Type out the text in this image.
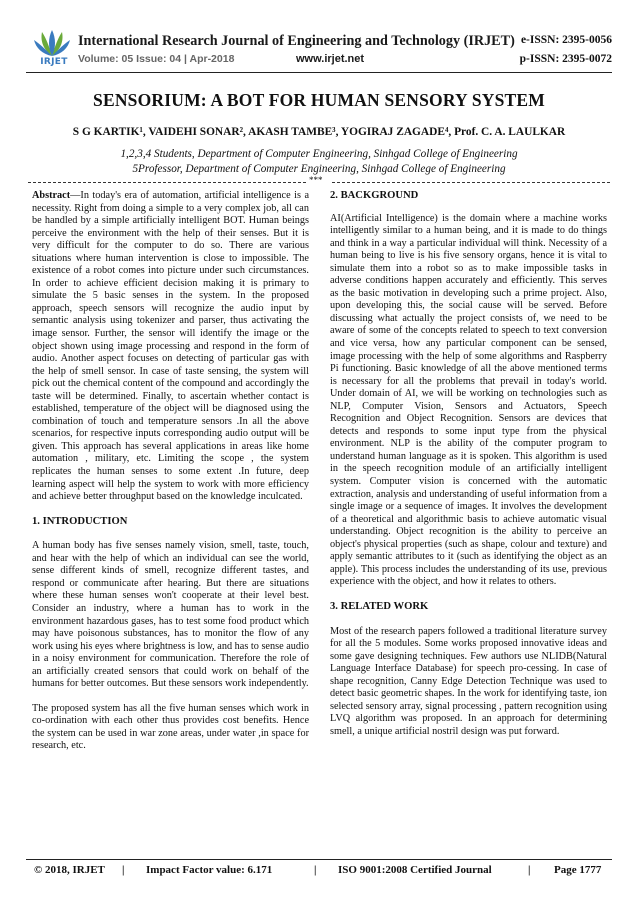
IRJET
International Research Journal of Engineering and Technology (IRJET) e-ISSN: 2395-0056
Volume: 05 Issue: 04 | Apr-2018	www.irjet.net	p-ISSN: 2395-0072
SENSORIUM: A BOT FOR HUMAN SENSORY SYSTEM
S G KARTIK¹, VAIDEHI SONAR², AKASH TAMBE³, YOGIRAJ ZAGADE⁴, Prof. C. A. LAULKAR
1,2,3,4 Students, Department of Computer Engineering, Sinhgad College of Engineering
5Professor, Department of Computer Engineering, Sinhgad College of Engineering
***

Abstract—In today's era of automation, artificial intelligence is a necessity. Right from doing a simple to a very complex job, all can be handled by a simple artificially intelligent BOT. Human beings perceive the environment with the help of their senses. But it is very difficult for the computer to do so. There are various situations where human intervention is close to impossible. The existence of a robot comes into picture under such circumstances. In order to achieve efficient decision making it is primary to simulate the 5 basic senses in the system. In the proposed approach, speech sensors will recognize the audio input by semantic analysis using tokenizer and parser, thus activating the image sensor. Further, the sensor will identify the image or the object shown using image processing and respond in the form of audio. Another aspect focuses on detecting of particular gas with the help of smell sensor. In case of taste sensing, the system will pick out the chemical content of the compound and accordingly the taste will be determined. Finally, to ascertain whether contact is established, temperature of the object will be diagnosed using the combination of touch and temperature sensors .In all the above scenarios, for respective inputs corresponding audio output will be given. This approach has several applications in areas like home automation , military, etc. Limiting the scope , the system replicates the human senses to some extent .In future, deep learning aspect will help the system to work with more efficiency and achieve better throughput based on the knowledge inculcated.

1. INTRODUCTION

A human body has five senses namely vision, smell, taste, touch, and hear with the help of which an individual can see the world, sense different kinds of smell, recognize different tastes, and respond or communicate after hearing. But there are situations where these human senses won't cooperate at their level best. Consider an industry, where a human has to work in the environment hazardous gases, has to test some food product which may have poisonous substances, has to monitor the flow of any work using his eyes where brightness is low, and has to sense audio in a noisy environment for communication. Therefore the role of an artificially created sensors that could work on behalf of the humans for better outcomes. But these sensors work independently.

The proposed system has all the five human senses which work in co-ordination with each other thus provides cost benefits. Hence the system can be used in war zone areas, under water ,in space for research, etc.

2. BACKGROUND

AI(Artificial Intelligence) is the domain where a machine works intelligently similar to a human being, and it is made to do things and think in a way a particular individual will think. Necessity of a human being to live is his five sensory organs, hence it is vital to simulate them into a robot so as to make impossible tasks in adverse conditions happen accurately and efficiently. This serves as the basic motivation in developing such a prime project. Also, upon developing this, the social cause will be served. Before discussing what actually the project consists of, we need to be aware of some of the concepts related to speech to text conversion and vice versa, how any particular component can be sensed, image processing with the help of some algorithms and Raspberry Pi functioning. Basic knowledge of all the above mentioned terms is necessary for all the problems that prevail in today's world. Under domain of AI, we will be working on technologies such as NLP, Computer Vision, Sensors and Actuators, Speech Recognition and Object Recognition. Sensors are devices that detects and responds to some input type from the physical environment. NLP is the ability of the computer program to understand human language as it is spoken. This algorithm is used in the speech recognition module of an artificially intelligent system. Computer vision is concerned with the automatic extraction, analysis and understanding of useful information from a single image or a sequence of images. It involves the development of a theoretical and algorithmic basis to achieve automatic visual understanding. Object recognition is the ability to perceive an object's physical properties (such as shape, colour and texture) and apply semantic attributes to it (such as identifying the object as an apple). This process includes the understanding of its use, previous experience with the object, and how it relates to others.

3. RELATED WORK

Most of the research papers followed a traditional literature survey for all the 5 modules. Some works proposed innovative ideas and some gave designing techniques. Few authors use NLIDB(Natural Language Interface Database) for speech pro-cessing. In case of shape recognition, Canny Edge Detection Technique was used to detect basic geometric shapes. In the work for identifying taste, ion selected sensory array, signal processing , pattern recognition using LVQ algorithm was proposed. In an approach for determining smell, a unique artificial nostril design was put forward.

© 2018, IRJET | Impact Factor value: 6.171	| ISO 9001:2008 Certified Journal	| Page 1777
